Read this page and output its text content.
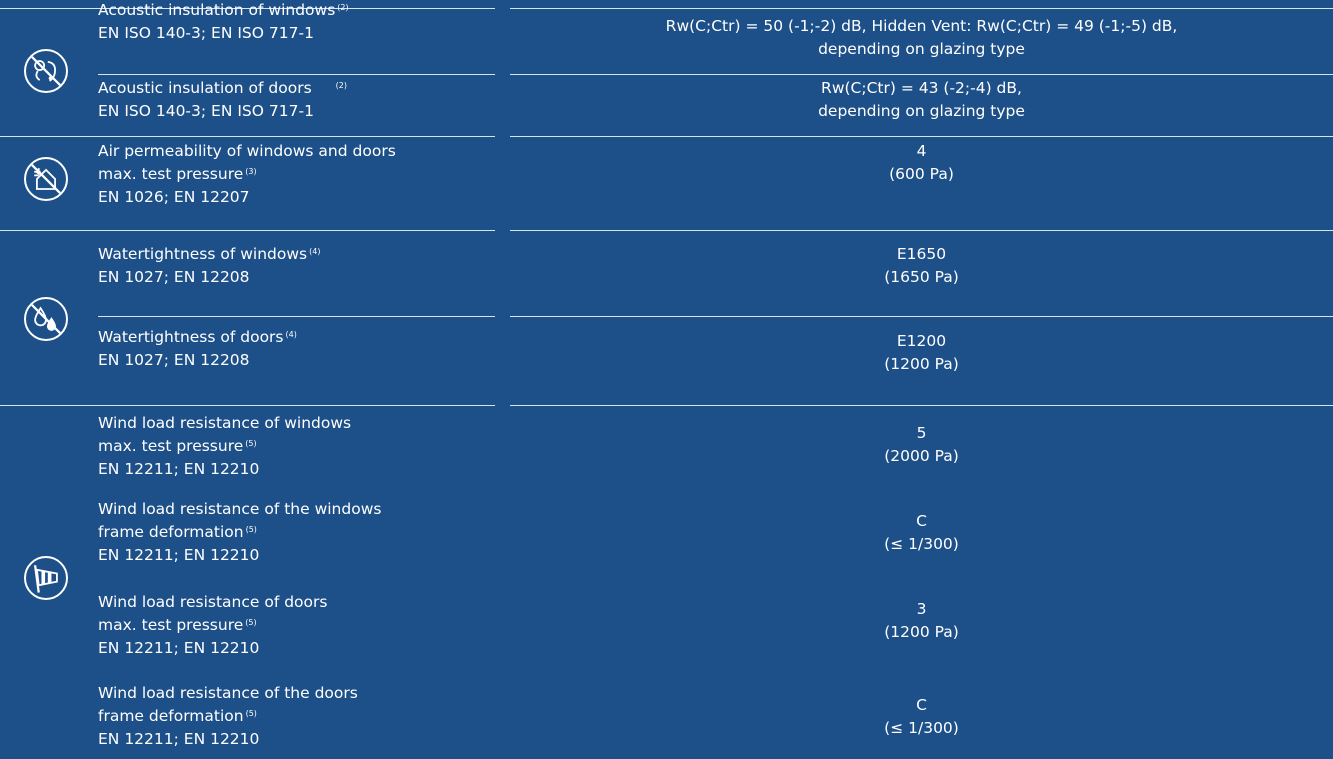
Acoustic insulation of windows $^{(2)}$
EN ISO 140-3; EN ISO 717-1	Rw(C;Ctr) = 50 (-1;-2) dB, Hidden Vent: Rw(C;Ctr) = 49 (-1;-5) dB,
depending on glazing type
Acoustic insulation of doors	$^{(2)}$
EN ISO 140-3; EN ISO 717-1
Rw(C;Ctr) = 43 (-2;-4) dB,
depending on glazing type
Air permeability of windows and doors
max. test pressure $^{(3)}$
EN 1026; EN 12207
4
(600 Pa)
Watertightness of windows $^{(4)}$
EN 1027; EN 12208
E1650
(1650 Pa)
Watertightness of doors $^{(4)}$
EN 1027; EN 12208
E1200
(1200 Pa)
Wind load resistance of windows
max. test pressure $^{(5)}$
EN 12211; EN 12210
5
(2000 Pa)
Wind load resistance of the windows
frame deformation $^{(5)}$
EN 12211; EN 12210
C
(≤ 1/300)
Wind load resistance of doors
max. test pressure $^{(5)}$
EN 12211; EN 12210
3
(1200 Pa)
Wind load resistance of the doors
frame deformation $^{(5)}$
EN 12211; EN 12210
C
(≤ 1/300)
